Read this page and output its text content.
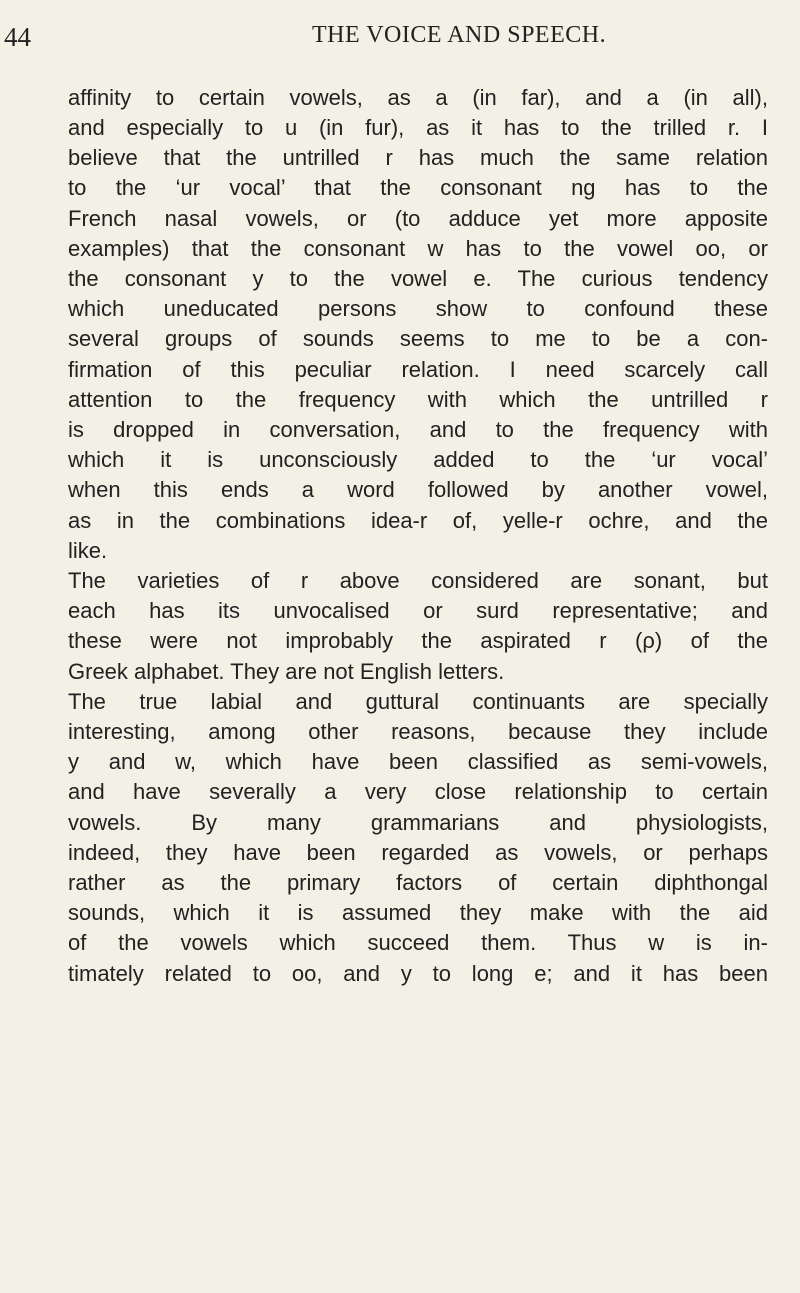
44	THE VOICE AND SPEECH.
affinity to certain vowels, as a (in far), and a (in all),
and especially to u (in fur), as it has to the trilled r. I
believe that the untrilled r has much the same relation
to the ‘ur vocal’ that the consonant ng has to the
French nasal vowels, or (to adduce yet more apposite
examples) that the consonant w has to the vowel oo, or
the consonant y to the vowel e. The curious tendency
which uneducated persons show to confound these
several groups of sounds seems to me to be a con-
firmation of this peculiar relation. I need scarcely call
attention to the frequency with which the untrilled r
is dropped in conversation, and to the frequency with
which it is unconsciously added to the ‘ur vocal’
when this ends a word followed by another vowel,
as in the combinations idea-r of, yelle-r ochre, and the
like.
The varieties of r above considered are sonant, but
each has its unvocalised or surd representative; and
these were not improbably the aspirated r (ρ) of the
Greek alphabet. They are not English letters.
The true labial and guttural continuants are specially
interesting, among other reasons, because they include
y and w, which have been classified as semi-vowels,
and have severally a very close relationship to certain
vowels. By many grammarians and physiologists,
indeed, they have been regarded as vowels, or perhaps
rather as the primary factors of certain diphthongal
sounds, which it is assumed they make with the aid
of the vowels which succeed them. Thus w is in-
timately related to oo, and y to long e; and it has been
